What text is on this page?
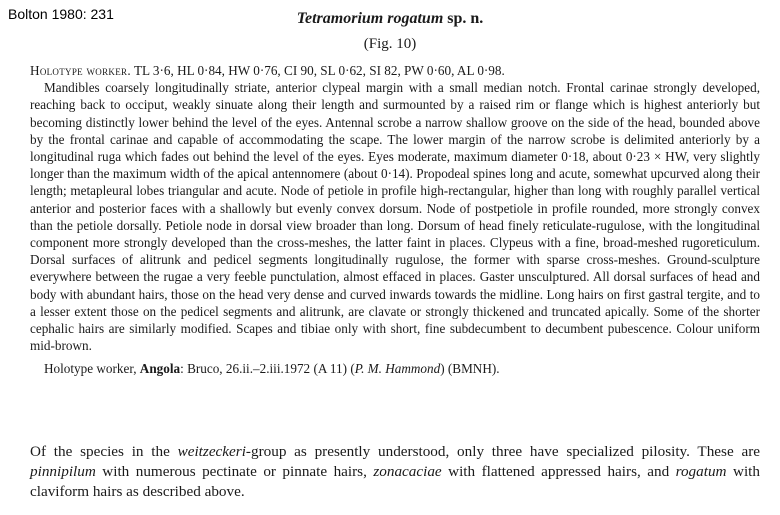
Bolton 1980: 231	Tetramorium rogatum sp. n.
(Fig. 10)

Holotype worker. TL 3·6, HL 0·84, HW 0·76, CI 90, SL 0·62, SI 82, PW 0·60, AL 0·98.

Mandibles coarsely longitudinally striate, anterior clypeal margin with a small median notch. Frontal carinae strongly developed, reaching back to occiput, weakly sinuate along their length and surmounted by a raised rim or flange which is highest anteriorly but becoming distinctly lower behind the level of the eyes. Antennal scrobe a narrow shallow groove on the side of the head, bounded above by the frontal carinae and capable of accommodating the scape. The lower margin of the narrow scrobe is delimited anteriorly by a longitudinal ruga which fades out behind the level of the eyes. Eyes moderate, maximum diameter 0·18, about 0·23 × HW, very slightly longer than the maximum width of the apical antennomere (about 0·14). Propodeal spines long and acute, somewhat upcurved along their length; metapleural lobes triangular and acute. Node of petiole in profile high-rectangular, higher than long with roughly parallel vertical anterior and posterior faces with a shallowly but evenly convex dorsum. Node of postpetiole in profile rounded, more strongly convex than the petiole dorsally. Petiole node in dorsal view broader than long. Dorsum of head finely reticulate-rugulose, with the longitudinal component more strongly developed than the cross-meshes, the latter faint in places. Clypeus with a fine, broad-meshed rugoreticulum. Dorsal surfaces of alitrunk and pedicel segments longitudinally rugulose, the former with sparse cross-meshes. Ground-sculpture everywhere between the rugae a very feeble punctulation, almost effaced in places. Gaster unsculptured. All dorsal surfaces of head and body with abundant hairs, those on the head very dense and curved inwards towards the midline. Long hairs on first gastral tergite, and to a lesser extent those on the pedicel segments and alitrunk, are clavate or strongly thickened and truncated apically. Some of the shorter cephalic hairs are similarly modified. Scapes and tibiae only with short, fine subdecumbent to decumbent pubescence. Colour uniform mid-brown.

Holotype worker, Angola: Bruco, 26.ii.–2.iii.1972 (A 11) (P. M. Hammond) (BMNH).

Of the species in the weitzeckeri-group as presently understood, only three have specialized pilosity. These are pinnipilum with numerous pectinate or pinnate hairs, zonacaciae with flattened appressed hairs, and rogatum with claviform hairs as described above.
